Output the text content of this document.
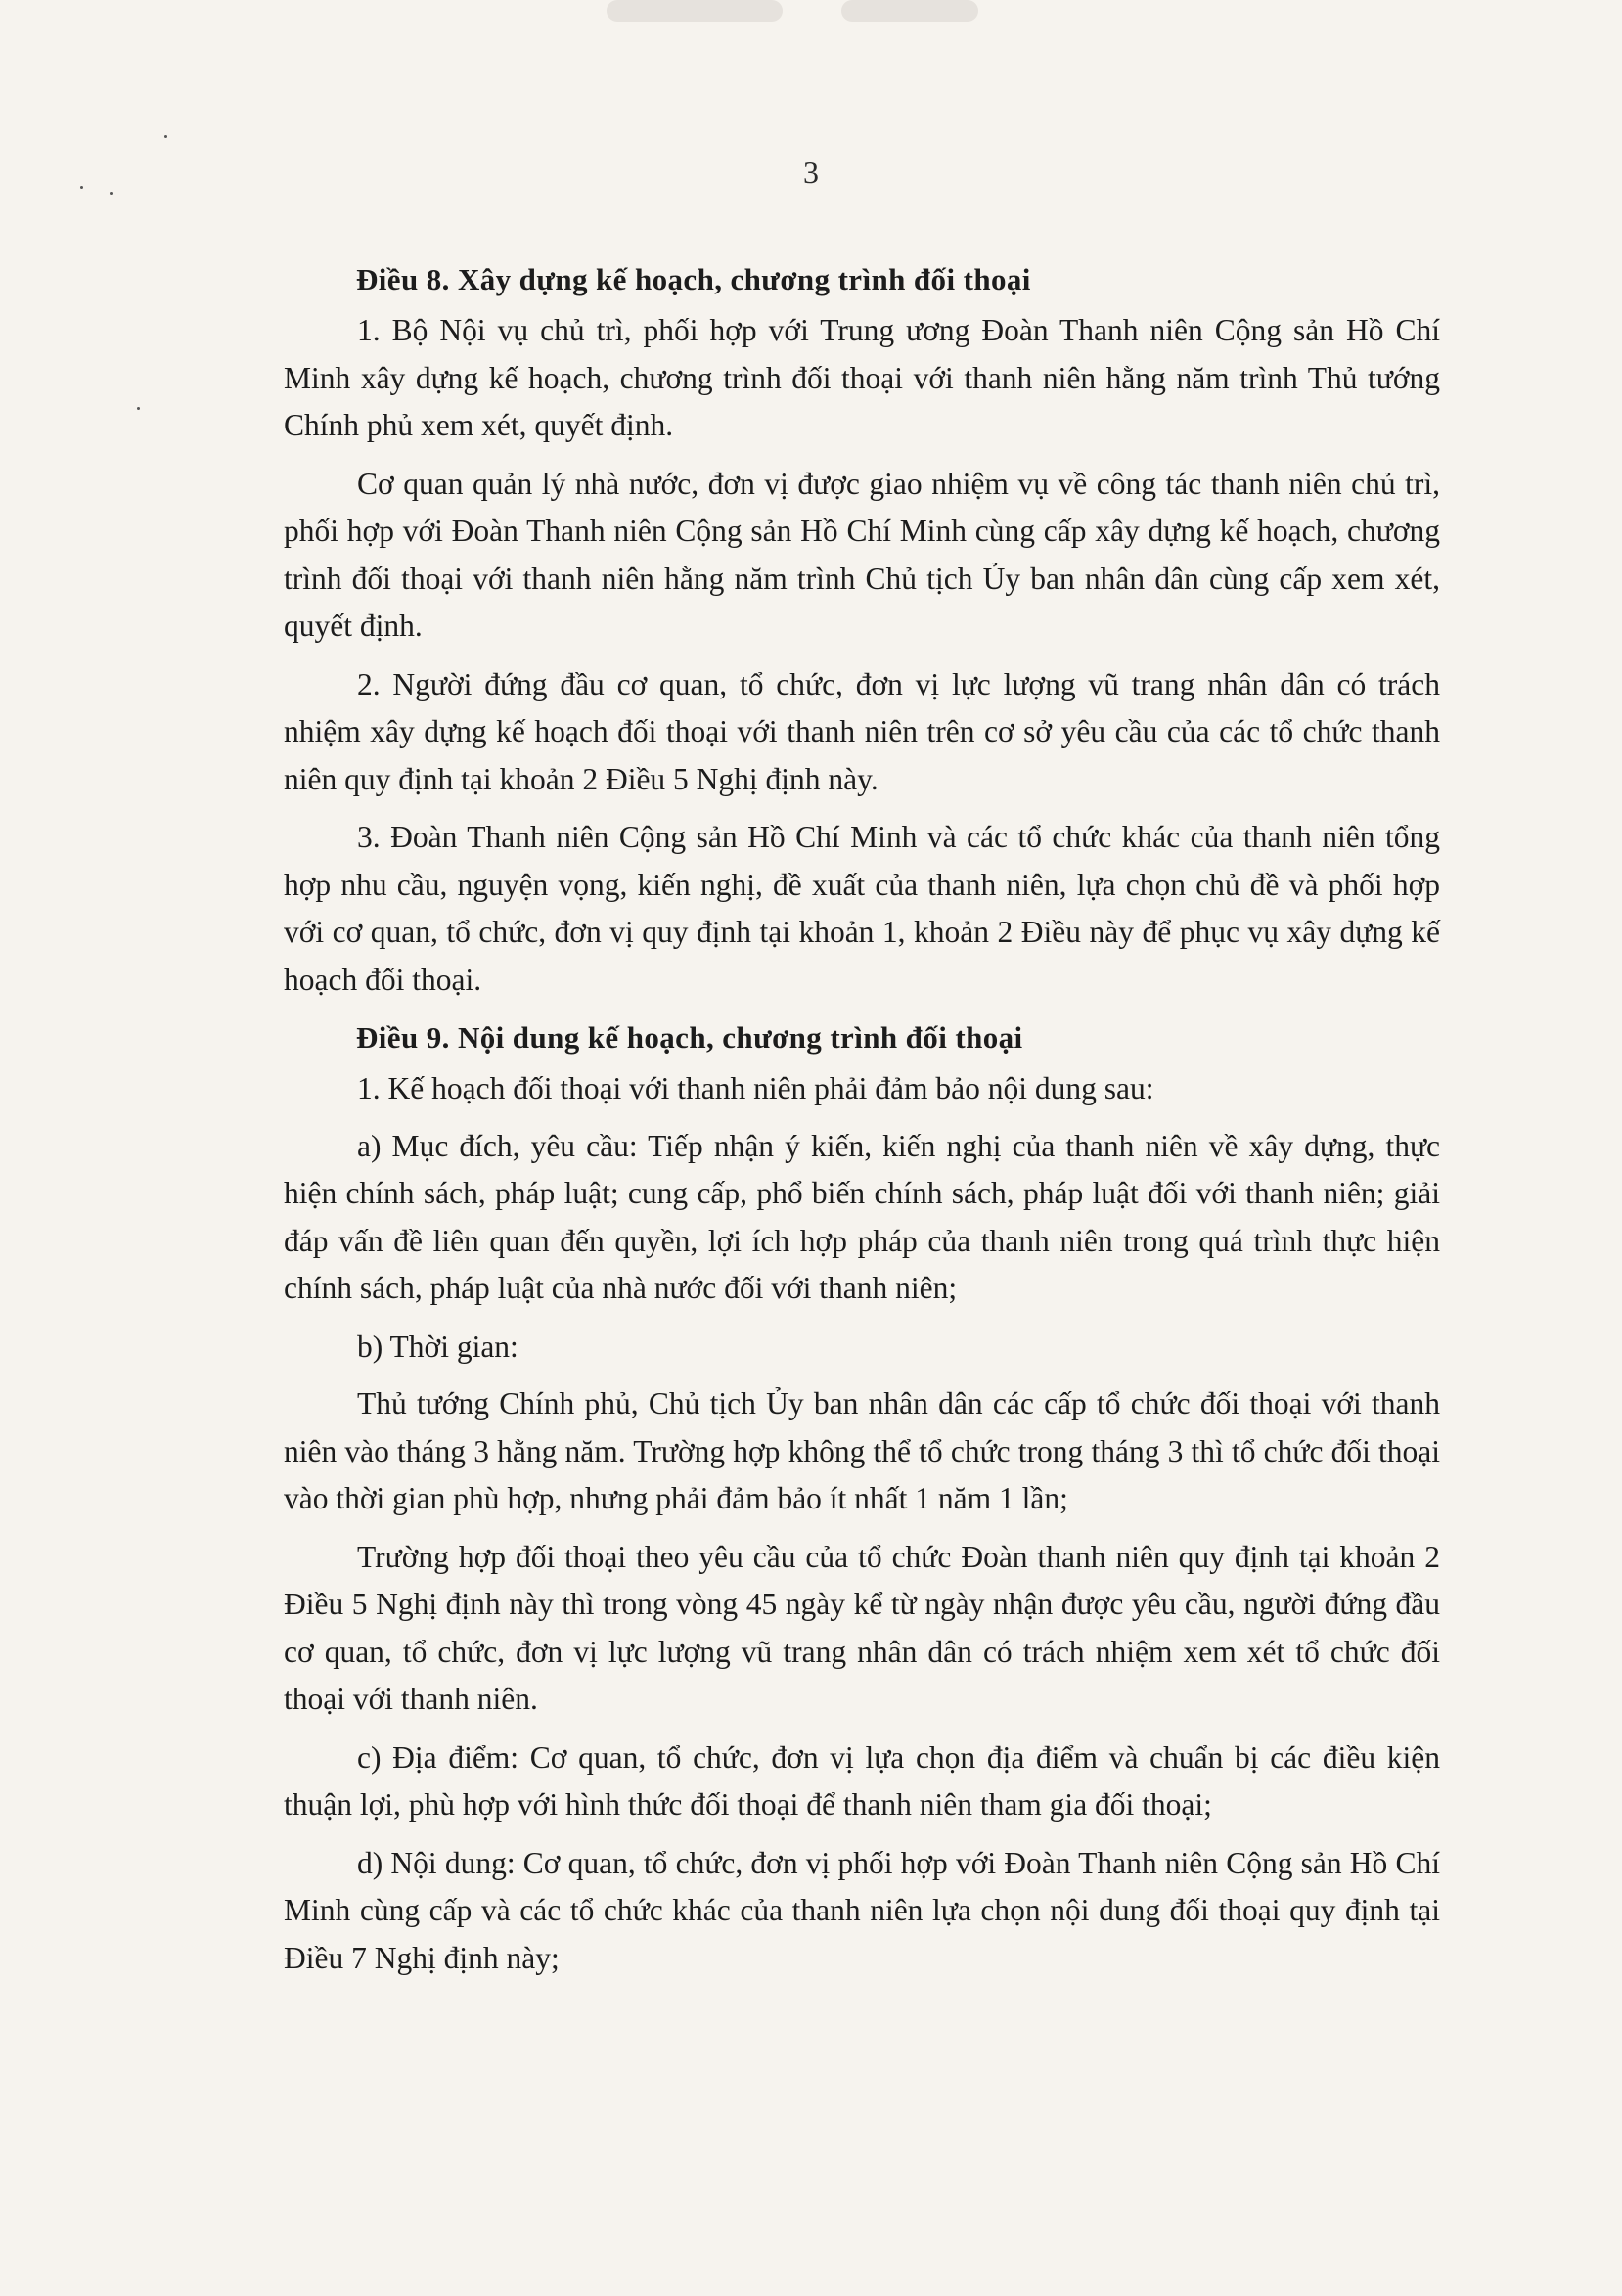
3

Điều 8. Xây dựng kế hoạch, chương trình đối thoại

1. Bộ Nội vụ chủ trì, phối hợp với Trung ương Đoàn Thanh niên Cộng sản Hồ Chí Minh xây dựng kế hoạch, chương trình đối thoại với thanh niên hằng năm trình Thủ tướng Chính phủ xem xét, quyết định.

Cơ quan quản lý nhà nước, đơn vị được giao nhiệm vụ về công tác thanh niên chủ trì, phối hợp với Đoàn Thanh niên Cộng sản Hồ Chí Minh cùng cấp xây dựng kế hoạch, chương trình đối thoại với thanh niên hằng năm trình Chủ tịch Ủy ban nhân dân cùng cấp xem xét, quyết định.

2. Người đứng đầu cơ quan, tổ chức, đơn vị lực lượng vũ trang nhân dân có trách nhiệm xây dựng kế hoạch đối thoại với thanh niên trên cơ sở yêu cầu của các tổ chức thanh niên quy định tại khoản 2 Điều 5 Nghị định này.

3. Đoàn Thanh niên Cộng sản Hồ Chí Minh và các tổ chức khác của thanh niên tổng hợp nhu cầu, nguyện vọng, kiến nghị, đề xuất của thanh niên, lựa chọn chủ đề và phối hợp với cơ quan, tổ chức, đơn vị quy định tại khoản 1, khoản 2 Điều này để phục vụ xây dựng kế hoạch đối thoại.

Điều 9. Nội dung kế hoạch, chương trình đối thoại

1. Kế hoạch đối thoại với thanh niên phải đảm bảo nội dung sau:

a) Mục đích, yêu cầu: Tiếp nhận ý kiến, kiến nghị của thanh niên về xây dựng, thực hiện chính sách, pháp luật; cung cấp, phổ biến chính sách, pháp luật đối với thanh niên; giải đáp vấn đề liên quan đến quyền, lợi ích hợp pháp của thanh niên trong quá trình thực hiện chính sách, pháp luật của nhà nước đối với thanh niên;

b) Thời gian:

Thủ tướng Chính phủ, Chủ tịch Ủy ban nhân dân các cấp tổ chức đối thoại với thanh niên vào tháng 3 hằng năm. Trường hợp không thể tổ chức trong tháng 3 thì tổ chức đối thoại vào thời gian phù hợp, nhưng phải đảm bảo ít nhất 1 năm 1 lần;

Trường hợp đối thoại theo yêu cầu của tổ chức Đoàn thanh niên quy định tại khoản 2 Điều 5 Nghị định này thì trong vòng 45 ngày kể từ ngày nhận được yêu cầu, người đứng đầu cơ quan, tổ chức, đơn vị lực lượng vũ trang nhân dân có trách nhiệm xem xét tổ chức đối thoại với thanh niên.

c) Địa điểm: Cơ quan, tổ chức, đơn vị lựa chọn địa điểm và chuẩn bị các điều kiện thuận lợi, phù hợp với hình thức đối thoại để thanh niên tham gia đối thoại;

d) Nội dung: Cơ quan, tổ chức, đơn vị phối hợp với Đoàn Thanh niên Cộng sản Hồ Chí Minh cùng cấp và các tổ chức khác của thanh niên lựa chọn nội dung đối thoại quy định tại Điều 7 Nghị định này;
